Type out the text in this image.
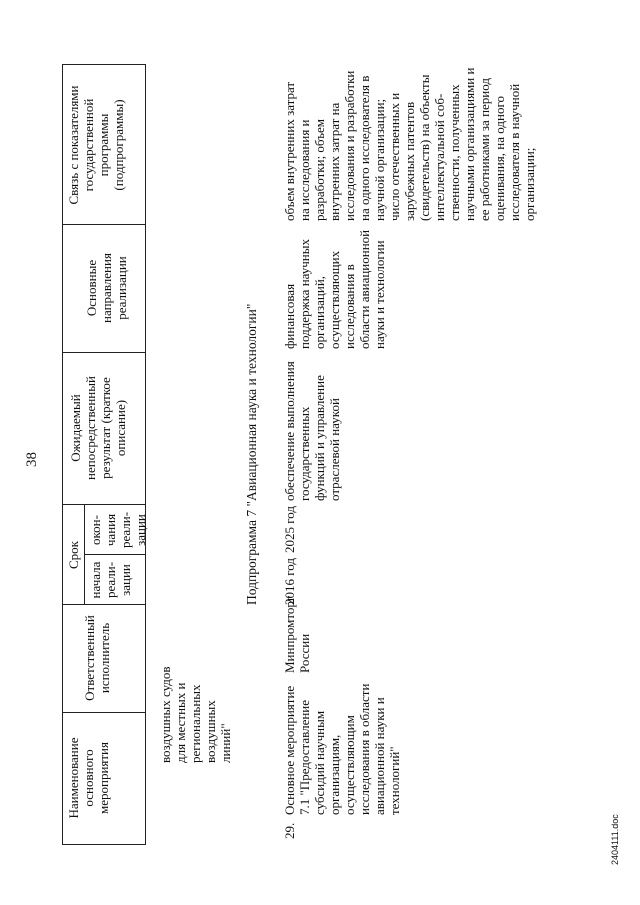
38
Наименование основного мероприятия
Ответственный исполнитель
Срок
начала реали-зации
окон-чания реали-зации
Ожидаемый непосредственный результат (краткое описание)
Основные направления реализации
Связь с показателями государственной программы (подпрограммы)
воздушных судов для местных и региональных воздушных линий"
Подпрограмма 7 "Авиационная наука и технологии"
29.
Основное мероприятие 7.1 "Предоставление субсидий научным организациям, осуществляющим исследования в области авиационной науки и технологий"
Минпромторг России
2016 год
2025 год
обеспечение выполнения государственных функций и управление отраслевой наукой
финансовая поддержка научных организаций, осуществляющих исследования в области авиационной науки и технологии
объем внутренних затрат на исследования и разработки; объем внутренних затрат на исследования и разработки на одного исследователя в научной организации; число отечественных и зарубежных патентов (свидетельств) на объекты интеллектуальной соб-ственности, полученных научными организациями и ее работниками за период оценивания, на одного исследователя в научной организации;
2404111.doc
